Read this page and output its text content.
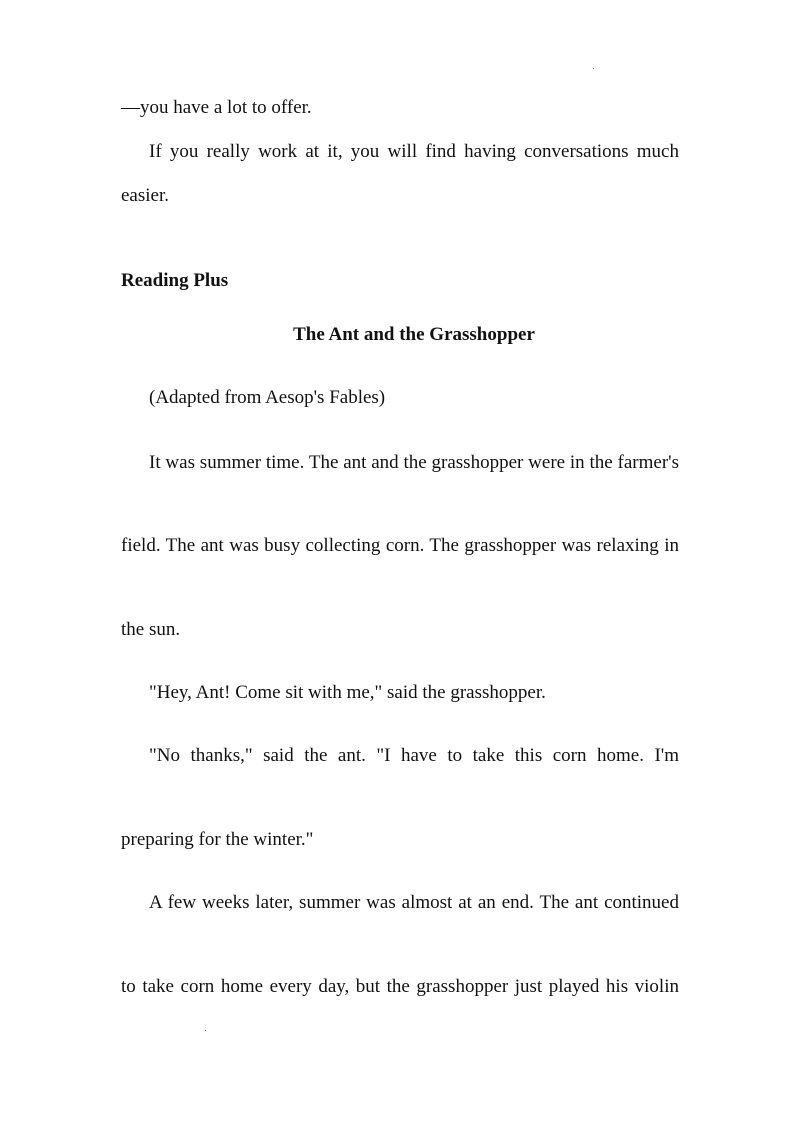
—you have a lot to offer.
If you really work at it, you will find having conversations much
easier.
Reading Plus
The Ant and the Grasshopper
(Adapted from Aesop's Fables)
It was summer time. The ant and the grasshopper were in the farmer's
field. The ant was busy collecting corn. The grasshopper was relaxing in
the sun.
"Hey, Ant! Come sit with me," said the grasshopper.
"No thanks," said the ant. "I have to take this corn home. I'm
preparing for the winter."
A few weeks later, summer was almost at an end. The ant continued
to take corn home every day, but the grasshopper just played his violin
